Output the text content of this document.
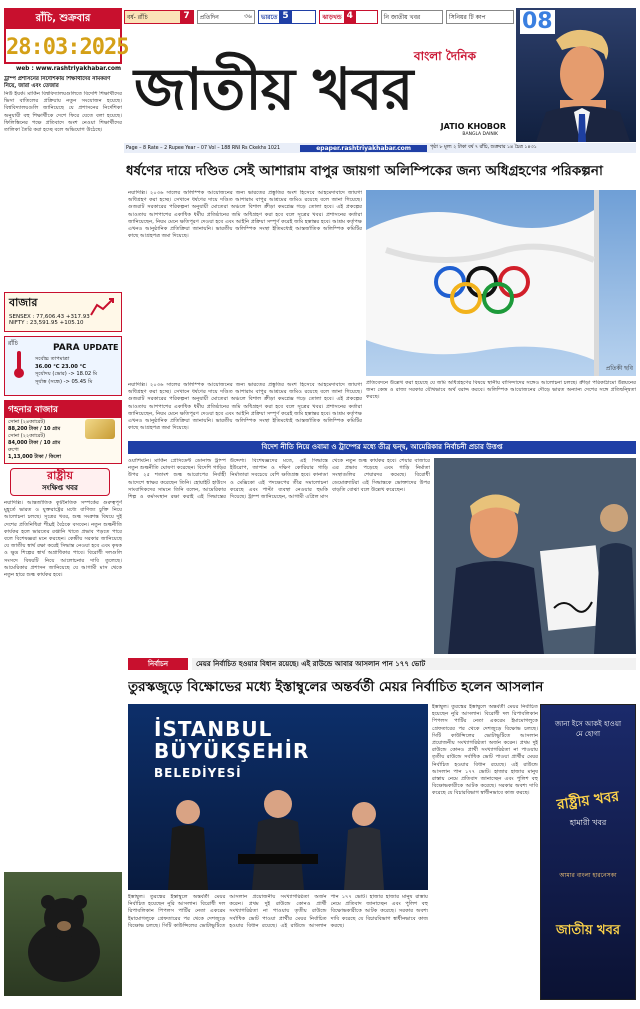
রাঁচি, শুক্রবার
28:03:2025
বর্ষ- রাঁচি	7	প্রতিদিন	৩৬	ভারতে 5	ঝাড়খন্ড 4	নি জাতীয় খবর	সিনিয়র টি কাপ
বাংলা দৈনিক
জাতীয় খবর
JATIO KHOBOR
BANGLA DAINIK
08
web : www.rashtriyakhabar.com
ট্রাম্প প্রশাসনের নির্দেশিকায় শিক্ষার্থীদের নামকরণ নিয়ে, জারা এবং তেজার
নিউ ইয়র্ক। মার্কিন বিশ্ববিদ্যালয়গুলিতে বিদেশি শিক্ষার্থীদের ভিসা বাতিলের প্রক্রিয়ায় নতুন সংযোজন হয়েছে। বিশ্ববিদ্যালয়গুলি জানিয়েছে যে প্রশাসনের নির্দেশিকা অনুযায়ী বহু শিক্ষার্থীকে দেশে ফিরে যেতে বলা হয়েছে। ফিলিস্তিনের পক্ষে প্রতিবাদে অংশ নেওয়া শিক্ষার্থীদের তালিকা তৈরি করা হচ্ছে বলে অভিযোগ উঠেছে।
Page – 8 Rate – 2 Rupee Year – 07 Vol – 188 RNI Rs Ckekhs 1021	epaper.rashtriyakhabar.com	পৃষ্ঠা ৮ মূল্য ২ টাকা বর্ষ ৭ রাঁচি, শুক্রবার ১৪ চৈত্র ১৪৩১
ধর্ষণের দায়ে দণ্ডিত সেই আশারাম বাপুর জায়গা অলিম্পিকের জন্য অধিগ্রহণের পরিকল্পনা
নয়াদিল্লি। ২০৩৬ সালের অলিম্পিক আয়োজনের জন্য ভারতের প্রস্তুতির অংশ হিসেবে আহমেদাবাদে জায়গা অধিগ্রহণ করা হচ্ছে। সেখানে ধর্ষণের দায়ে দণ্ডিত আশারাম বাপুর আশ্রমের জমিও রয়েছে বলে জানা গিয়েছে। গুজরাট সরকারের পরিকল্পনা অনুযায়ী মোতেরা অঞ্চলে বিশাল ক্রীড়া কমপ্লেক্স গড়ে তোলা হবে। এই প্রকল্পের আওতায় আশপাশের একাধিক ধর্মীয় প্রতিষ্ঠানের জমি অধিগ্রহণ করা হবে বলে সূত্রের খবর। প্রশাসনের কর্তারা জানিয়েছেন, নিয়ম মেনে ক্ষতিপূরণ দেওয়া হবে এবং আইনি প্রক্রিয়া সম্পূর্ণ করেই জমি হস্তান্তর হবে। আশ্রম কর্তৃপক্ষ এখনও আনুষ্ঠানিক প্রতিক্রিয়া জানায়নি। ভারতীয় অলিম্পিক সংস্থা ইতিমধ্যেই আন্তর্জাতিক অলিম্পিক কমিটির কাছে আগ্রহপত্র জমা দিয়েছে।
প্রতিকী ছবি
প্রতিবেদনে উল্লেখ করা হয়েছে যে জমি অধিগ্রহণের বিষয়ে স্থানীয় বাসিন্দাদের সঙ্গেও আলোচনা চলছে। ক্রীড়া পরিকাঠামো উন্নয়নের জন্য কেন্দ্র ও রাজ্য সরকার যৌথভাবে অর্থ বরাদ্দ করবে। অলিম্পিক আয়োজনের দৌড়ে ভারত অন্যান্য দেশের সঙ্গে প্রতিদ্বন্দ্বিতা করছে।
নয়াদিল্লি। ২০৩৬ সালের অলিম্পিক আয়োজনের জন্য ভারতের প্রস্তুতির অংশ হিসেবে আহমেদাবাদে জায়গা অধিগ্রহণ করা হচ্ছে। সেখানে ধর্ষণের দায়ে দণ্ডিত আশারাম বাপুর আশ্রমের জমিও রয়েছে বলে জানা গিয়েছে। গুজরাট সরকারের পরিকল্পনা অনুযায়ী মোতেরা অঞ্চলে বিশাল ক্রীড়া কমপ্লেক্স গড়ে তোলা হবে। এই প্রকল্পের আওতায় আশপাশের একাধিক ধর্মীয় প্রতিষ্ঠানের জমি অধিগ্রহণ করা হবে বলে সূত্রের খবর। প্রশাসনের কর্তারা জানিয়েছেন, নিয়ম মেনে ক্ষতিপূরণ দেওয়া হবে এবং আইনি প্রক্রিয়া সম্পূর্ণ করেই জমি হস্তান্তর হবে। আশ্রম কর্তৃপক্ষ এখনও আনুষ্ঠানিক প্রতিক্রিয়া জানায়নি। ভারতীয় অলিম্পিক সংস্থা ইতিমধ্যেই আন্তর্জাতিক অলিম্পিক কমিটির কাছে আগ্রহপত্র জমা দিয়েছে।
বাজার
SENSEX : 77,606.43 +317.93
NIFTY : 23,591.95 +105.10
রাঁচি	PARA UPDATE
সর্বোচ্চ তাপমাত্রা
36.00 °C 23.00 °C
সূর্যোদয় (ভোর) -> 18.02 মি
সূর্যাস্ত (সন্ধে) -> 05.45 মি
গহনার বাজার
সোনা (২৪ক্যারেট)
88,200 টাকা / 10 গ্রাম
সোনা (২২ক্যারেট)
84,000 টাকা / 10 গ্রাম
রুপো
1,13,000 টাকা / কিলো
রাষ্ট্রীয়
সংক্ষিপ্ত খবর
নয়াদিল্লি। আন্তর্জাতিক কূটনৈতিক সম্পর্কের গুরুত্বপূর্ণ মুহূর্তে ভারত ও যুক্তরাষ্ট্রের মধ্যে বাণিজ্য চুক্তি নিয়ে আলোচনা চলছে। সূত্রের খবর, শুল্ক সংক্রান্ত বিষয়ে দুই দেশের প্রতিনিধিরা শীঘ্রই বৈঠকে বসবেন। নতুন শুল্কনীতি কার্যকর হলে ভারতের রপ্তানি খাতে প্রভাব পড়তে পারে বলে বিশেষজ্ঞরা মনে করছেন। কেন্দ্রীয় সরকার জানিয়েছে যে জাতীয় স্বার্থ রক্ষা করেই সিদ্ধান্ত নেওয়া হবে এবং কৃষক ও ক্ষুদ্র শিল্পের স্বার্থ অগ্রাধিকার পাবে। বিরোধী দলগুলি সংসদে বিষয়টি নিয়ে আলোচনার দাবি তুলেছে। আমেরিকার প্রশাসন জানিয়েছে যে আগামী মাস থেকে নতুন হারে শুল্ক কার্যকর হবে।
বিদেশ নীতি নিয়ে ওবামা ও ট্রাম্পের মধ্যে তীব্র দ্বন্দ্ব, আমেরিকার নির্বাচনী প্রচার উত্তপ্ত
ওয়াশিংটন। মার্কিন প্রেসিডেন্ট ডোনাল্ড ট্রাম্প নতুন শুল্কনীতি ঘোষণা করেছেন। বিদেশি গাড়ির উপর ২৫ শতাংশ শুল্ক আরোপের নির্বাহী আদেশে স্বাক্ষর করেছেন তিনি। হোয়াইট হাউসে সাংবাদিকদের সামনে তিনি বলেন, আমেরিকার শিল্প ও কর্মসংস্থান রক্ষা করাই এই সিদ্ধান্তের উদ্দেশ্য। বিশেষজ্ঞদের মতে, এই সিদ্ধান্তে ইউরোপ, জাপান ও দক্ষিণ কোরিয়ার গাড়ি নির্মাতারা সবচেয়ে বেশি ক্ষতিগ্রস্ত হবে। কানাডা ও মেক্সিকো এই পদক্ষেপের তীব্র সমালোচনা করেছে এবং পাল্টা ব্যবস্থা নেওয়ার হুমকি দিয়েছে। ট্রাম্প জানিয়েছেন, আগামী এপ্রিল মাস থেকে নতুন শুল্ক কার্যকর হবে। শেয়ার বাজারে এর প্রভাব পড়েছে এবং গাড়ি নির্মাতা সংস্থাগুলির শেয়ারদর কমেছে। বিরোধী ডেমোক্র্যাটরা এই সিদ্ধান্তকে ভোক্তাদের উপর বাড়তি বোঝা বলে উল্লেখ করেছেন।
নির্বাচন	মেয়র নির্বাচিত হওয়ার বিধান রয়েছে। এই রাউন্ডে আবার আসলান পান ১৭৭ ভোট
তুরস্কজুড়ে বিক্ষোভের মধ্যে ইস্তাম্বুলের অন্তর্বর্তী মেয়র নির্বাচিত হলেন আসলান
İSTANBUL
BÜYÜKŞEHİR
BELEDİYESİ
ইস্তাম্বুল। তুরস্কের ইস্তাম্বুলে অন্তর্বর্তী মেয়র নির্বাচিত হয়েছেন নুরি আসলান। বিরোধী দল রিপাবলিকান পিপলস পার্টির নেতা একরেম ইমামোগলুকে গ্রেফতারের পর থেকে দেশজুড়ে বিক্ষোভ চলছে। সিটি কাউন্সিলের ভোটাভুটিতে আসলান প্রয়োজনীয় সংখ্যাগরিষ্ঠতা অর্জন করেন। প্রথম দুই রাউন্ডে কোনও প্রার্থী সংখ্যাগরিষ্ঠতা না পাওয়ায় তৃতীয় রাউন্ডে সর্বাধিক ভোট পাওয়া প্রার্থীর মেয়র নির্বাচিত হওয়ার বিধান রয়েছে। এই রাউন্ডে আসলান পান ১৭৭ ভোট। হাজার হাজার মানুষ রাস্তায় নেমে প্রতিবাদ জানাচ্ছেন এবং পুলিশ বহু বিক্ষোভকারীকে আটক করেছে। সরকার অবশ্য দাবি করেছে যে বিচারবিভাগ স্বাধীনভাবে কাজ করছে।
ইস্তাম্বুল। তুরস্কের ইস্তাম্বুলে অন্তর্বর্তী মেয়র নির্বাচিত হয়েছেন নুরি আসলান। বিরোধী দল রিপাবলিকান পিপলস পার্টির নেতা একরেম ইমামোগলুকে গ্রেফতারের পর থেকে দেশজুড়ে বিক্ষোভ চলছে। সিটি কাউন্সিলের ভোটাভুটিতে আসলান প্রয়োজনীয় সংখ্যাগরিষ্ঠতা অর্জন করেন। প্রথম দুই রাউন্ডে কোনও প্রার্থী সংখ্যাগরিষ্ঠতা না পাওয়ায় তৃতীয় রাউন্ডে সর্বাধিক ভোট পাওয়া প্রার্থীর মেয়র নির্বাচিত হওয়ার বিধান রয়েছে। এই রাউন্ডে আসলান পান ১৭৭ ভোট। হাজার হাজার মানুষ রাস্তায় নেমে প্রতিবাদ জানাচ্ছেন এবং পুলিশ বহু বিক্ষোভকারীকে আটক করেছে। সরকার অবশ্য দাবি করেছে যে বিচারবিভাগ স্বাধীনভাবে কাজ করছে।
জানা ইসে আকই হাওয়া মে হোগা
রাষ্ট্রীয় খবর
হামারী খবর
আমার বাংলা হারনেসকা
জাতীয় খবর
